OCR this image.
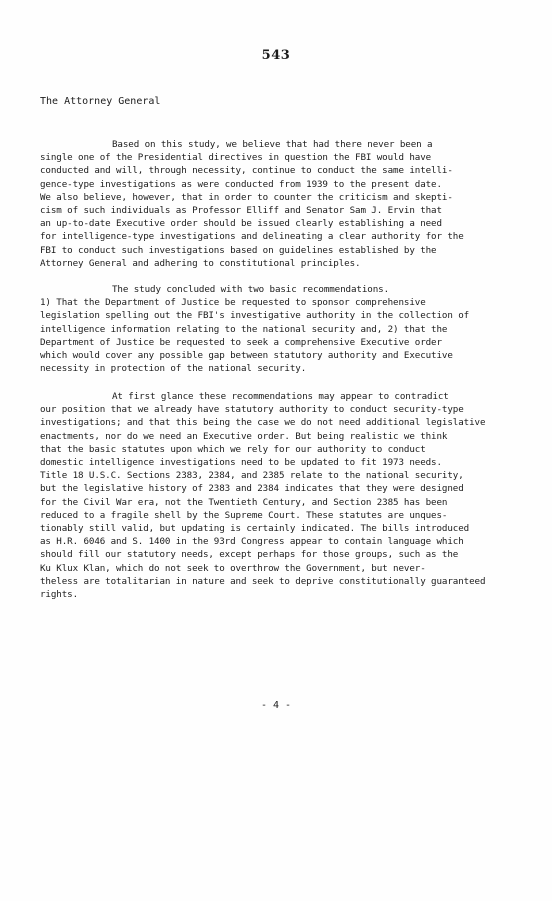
543
The Attorney General
Based on this study, we believe that had there never been a
single one of the Presidential directives in question the FBI would have
conducted and will, through necessity, continue to conduct the same intelli-
gence-type investigations as were conducted from 1939 to the present date.
We also believe, however, that in order to counter the criticism and skepti-
cism of such individuals as Professor Elliff and Senator Sam J. Ervin that
an up-to-date Executive order should be issued clearly establishing a need
for intelligence-type investigations and delineating a clear authority for the
FBI to conduct such investigations based on guidelines established by the
Attorney General and adhering to constitutional principles.
The study concluded with two basic recommendations.
1) That the Department of Justice be requested to sponsor comprehensive
legislation spelling out the FBI's investigative authority in the collection of
intelligence information relating to the national security and, 2) that the
Department of Justice be requested to seek a comprehensive Executive order
which would cover any possible gap between statutory authority and Executive
necessity in protection of the national security.
At first glance these recommendations may appear to contradict
our position that we already have statutory authority to conduct security-type
investigations; and that this being the case we do not need additional legislative
enactments, nor do we need an Executive order. But being realistic we think
that the basic statutes upon which we rely for our authority to conduct
domestic intelligence investigations need to be updated to fit 1973 needs.
Title 18 U.S.C. Sections 2383, 2384, and 2385 relate to the national security,
but the legislative history of 2383 and 2384 indicates that they were designed
for the Civil War era, not the Twentieth Century, and Section 2385 has been
reduced to a fragile shell by the Supreme Court. These statutes are unques-
tionably still valid, but updating is certainly indicated. The bills introduced
as H.R. 6046 and S. 1400 in the 93rd Congress appear to contain language which
should fill our statutory needs, except perhaps for those groups, such as the
Ku Klux Klan, which do not seek to overthrow the Government, but never-
theless are totalitarian in nature and seek to deprive constitutionally guaranteed
rights.
- 4 -
